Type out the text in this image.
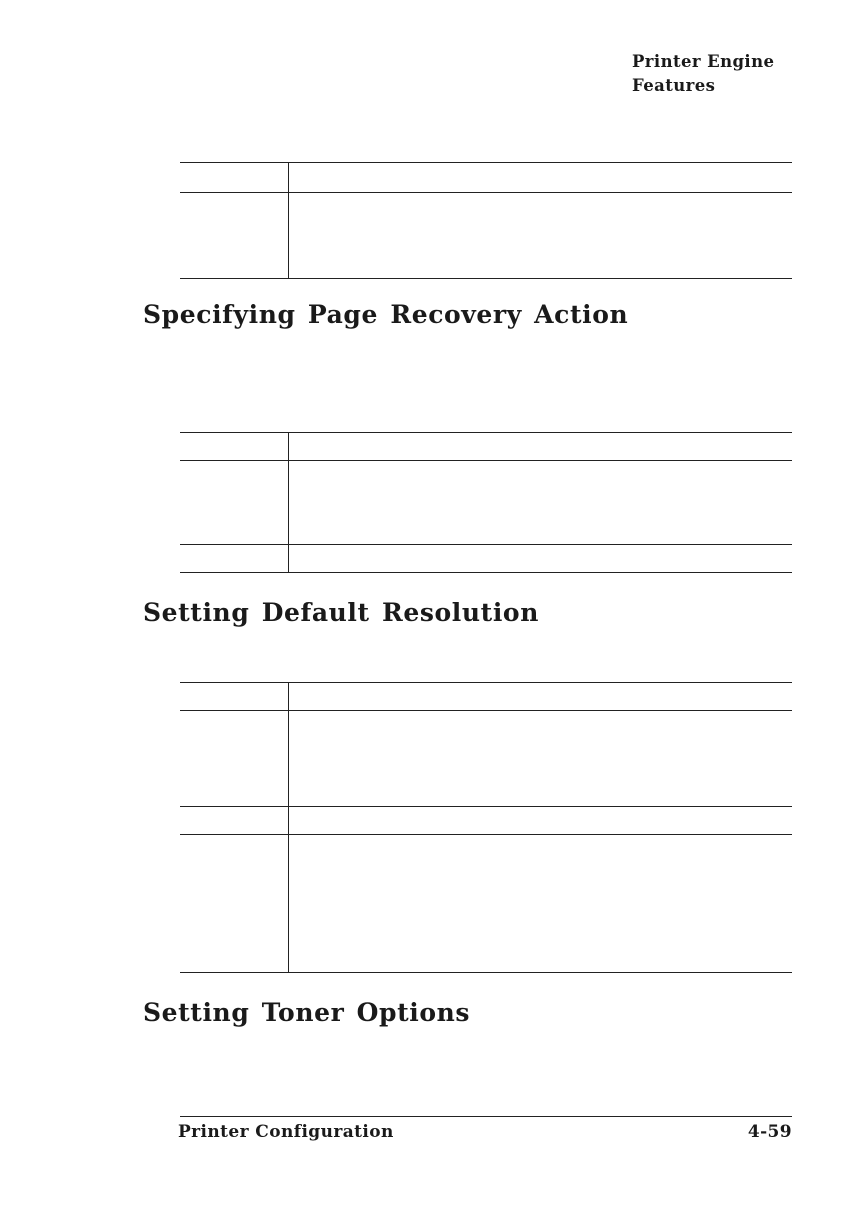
Printer Engine
Features
Specifying Page Recovery Action
Setting Default Resolution
Setting Toner Options
Printer Configuration	4-59
